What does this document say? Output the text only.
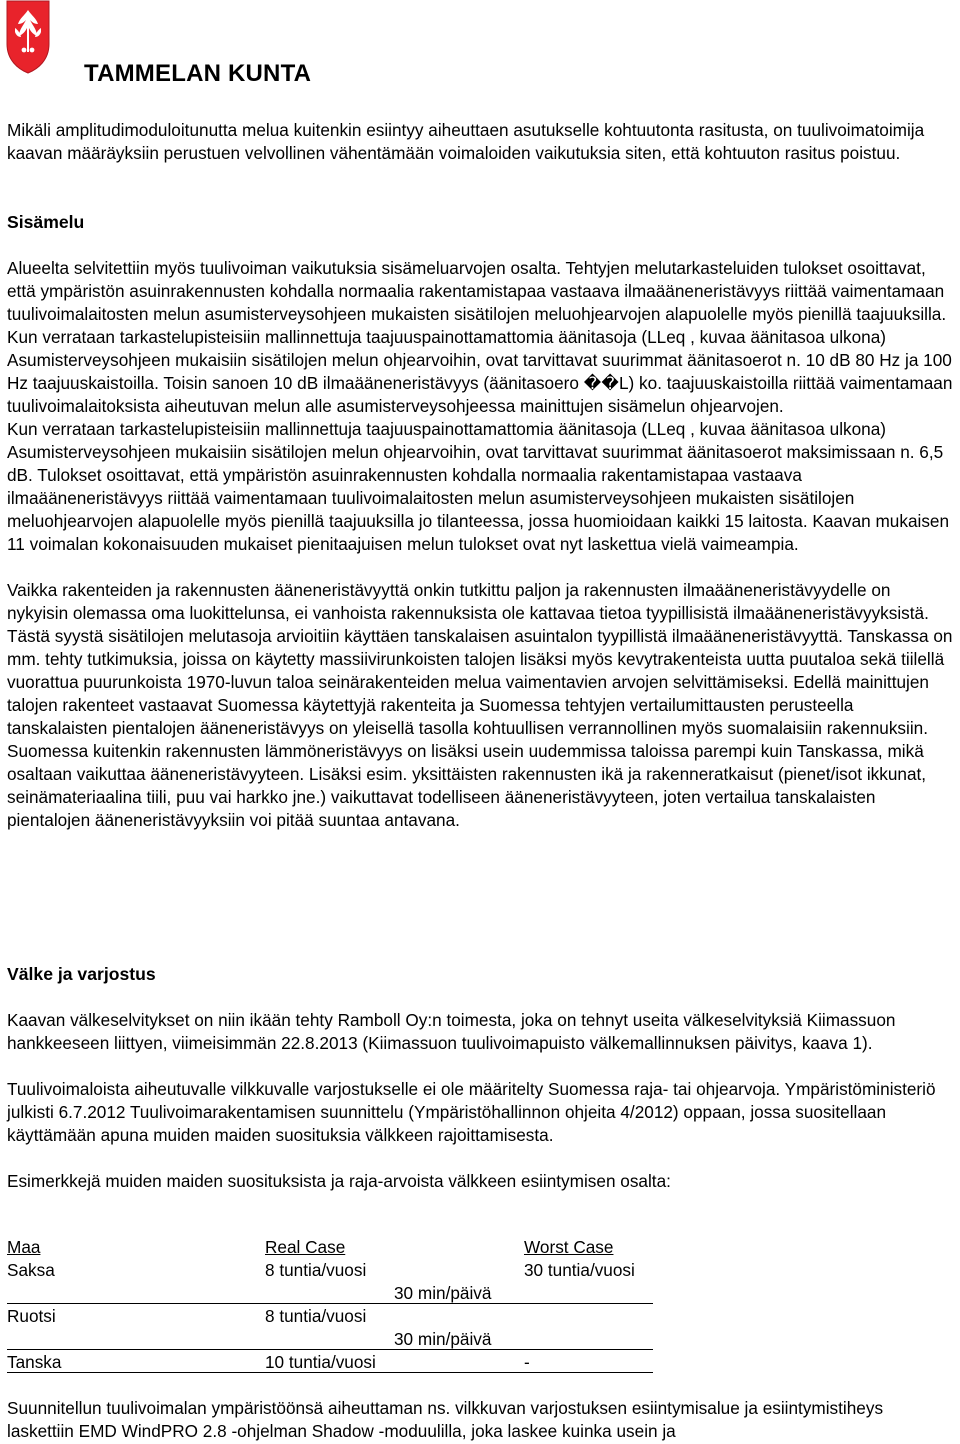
TAMMELAN KUNTA

Mikäli amplitudimoduloitunutta melua kuitenkin esiintyy aiheuttaen asutukselle kohtuutonta rasitusta, on tuulivoimatoimija kaavan määräyksiin perustuen velvollinen vähentämään voimaloiden vaikutuksia siten, että kohtuuton rasitus poistuu.

Sisämelu

Alueelta selvitettiin myös tuulivoiman vaikutuksia sisämeluarvojen osalta. Tehtyjen melutarkasteluiden tulokset osoittavat, että ympäristön asuinrakennusten kohdalla normaalia rakentamistapaa vastaava ilmaääneneristävyys riittää vaimentamaan tuulivoimalaitosten melun asumisterveysohjeen mukaisten sisätilojen meluohjearvojen alapuolelle myös pienillä taajuuksilla. Kun verrataan tarkastelupisteisiin mallinnettuja taajuuspainottamattomia äänitasoja (LLeq , kuvaa äänitasoa ulkona) Asumisterveysohjeen mukaisiin sisätilojen melun ohjearvoihin, ovat tarvittavat suurimmat äänitasoerot n. 10 dB 80 Hz ja 100 Hz taajuuskaistoilla. Toisin sanoen 10 dB ilmaääneneristävyys (äänitasoero ��L) ko. taajuuskaistoilla riittää vaimentamaan tuulivoimalaitoksista aiheutuvan melun alle asumisterveysohjeessa mainittujen sisämelun ohjearvojen.

Kun verrataan tarkastelupisteisiin mallinnettuja taajuuspainottamattomia äänitasoja (LLeq , kuvaa äänitasoa ulkona) Asumisterveysohjeen mukaisiin sisätilojen melun ohjearvoihin, ovat tarvittavat suurimmat äänitasoerot maksimissaan n. 6,5 dB. Tulokset osoittavat, että ympäristön asuinrakennusten kohdalla normaalia rakentamistapaa vastaava ilmaääneneristävyys riittää vaimentamaan tuulivoimalaitosten melun asumisterveysohjeen mukaisten sisätilojen meluohjearvojen alapuolelle myös pienillä taajuuksilla jo tilanteessa, jossa huomioidaan kaikki 15 laitosta. Kaavan mukaisen 11 voimalan kokonaisuuden mukaiset pienitaajuisen melun tulokset ovat nyt laskettua vielä vaimeampia.

Vaikka rakenteiden ja rakennusten ääneneristävyyttä onkin tutkittu paljon ja rakennusten ilmaääneneristävyydelle on nykyisin olemassa oma luokittelunsa, ei vanhoista rakennuksista ole kattavaa tietoa tyypillisistä ilmaääneneristävyyksistä. Tästä syystä sisätilojen melutasoja arvioitiin käyttäen tanskalaisen asuintalon tyypillistä ilmaääneneristävyyttä. Tanskassa on mm. tehty tutkimuksia, joissa on käytetty massiivirunkoisten talojen lisäksi myös kevytrakenteista uutta puutaloa sekä tiilellä vuorattua puurunkoista 1970-luvun taloa seinärakenteiden melua vaimentavien arvojen selvittämiseksi. Edellä mainittujen talojen rakenteet vastaavat Suomessa käytettyjä rakenteita ja Suomessa tehtyjen vertailumittausten perusteella tanskalaisten pientalojen ääneneristävyys on yleisellä tasolla kohtuullisen verrannollinen myös suomalaisiin rakennuksiin. Suomessa kuitenkin rakennusten lämmöneristävyys on lisäksi usein uudemmissa taloissa parempi kuin Tanskassa, mikä osaltaan vaikuttaa ääneneristävyyteen. Lisäksi esim. yksittäisten rakennusten ikä ja rakenneratkaisut (pienet/isot ikkunat, seinämateriaalina tiili, puu vai harkko jne.) vaikuttavat todelliseen ääneneristävyyteen, joten vertailua tanskalaisten pientalojen ääneneristävyyksiin voi pitää suuntaa antavana.

Välke ja varjostus

Kaavan välkeselvitykset on niin ikään tehty Ramboll Oy:n toimesta, joka on tehnyt useita välkeselvityksiä Kiimassuon hankkeeseen liittyen, viimeisimmän 22.8.2013 (Kiimassuon tuulivoimapuisto välkemallinnuksen päivitys, kaava 1).

Tuulivoimaloista aiheutuvalle vilkkuvalle varjostukselle ei ole määritelty Suomessa raja- tai ohjearvoja. Ympäristöministeriö julkisti 6.7.2012 Tuulivoimarakentamisen suunnittelu (Ympäristöhallinnon ohjeita 4/2012) oppaan, jossa suositellaan käyttämään apuna muiden maiden suosituksia välkkeen rajoittamisesta.

Esimerkkejä muiden maiden suosituksista ja raja-arvoista välkkeen esiintymisen osalta:

Maa	Real Case	Worst Case
Saksa	8 tuntia/vuosi	30 tuntia/vuosi
30 min/päivä
Ruotsi	8 tuntia/vuosi
30 min/päivä
Tanska	10 tuntia/vuosi	-

Suunnitellun tuulivoimalan ympäristöönsä aiheuttaman ns. vilkkuvan varjostuksen esiintymisalue ja esiintymistiheys laskettiin EMD WindPRO 2.8 -ohjelman Shadow -moduulilla, joka laskee kuinka usein ja
